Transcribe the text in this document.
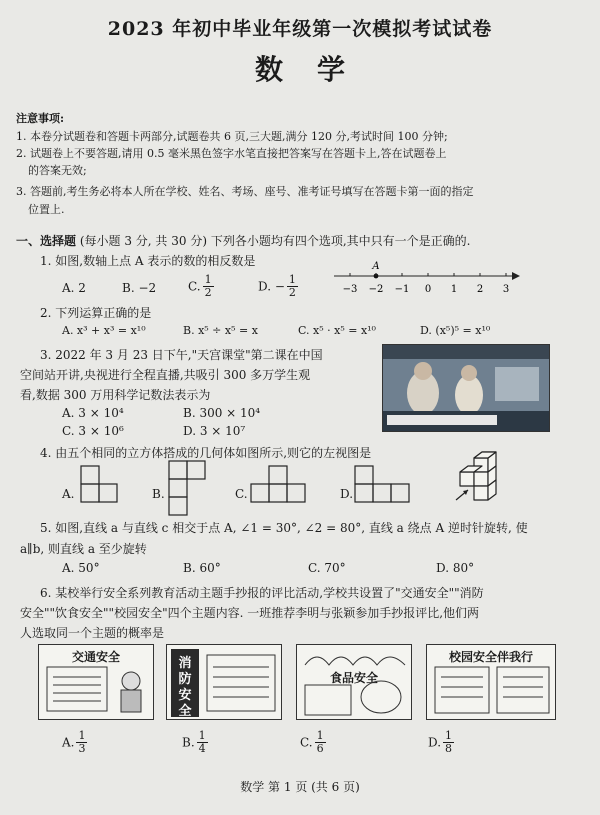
2023 年初中毕业年级第一次模拟考试试卷
数学
注意事项:
1. 本卷分试题卷和答题卡两部分,试题卷共 6 页,三大题,满分 120 分,考试时间 100 分钟;
2. 试题卷上不要答题,请用 0.5 毫米黑色签字水笔直接把答案写在答题卡上,答在试题卷上
的答案无效;
3. 答题前,考生务必将本人所在学校、姓名、考场、座号、准考证号填写在答题卡第一面的指定
位置上.
一、选择题 (每小题 3 分, 共 30 分) 下列各小题均有四个选项,其中只有一个是正确的.
1. 如图,数轴上点 A 表示的数的相反数是
A. 2	B. −2	C. $\frac{1}{2}$	D. − $\frac{1}{2}$	−3 −2 −1 0 1 2 3
A
2. 下列运算正确的是
A. x³ + x³ = x¹⁰	B. x⁵ ÷ x⁵ = x	C. x⁵ · x⁵ = x¹⁰	D. (x⁵)⁵ = x¹⁰
3. 2022 年 3 月 23 日下午,"天宫课堂"第二课在中国
空间站开讲,央视进行全程直播,共吸引 300 多万学生观
看,数据 300 万用科学记数法表示为
A. 3 × 10⁴	B. 300 × 10⁴
C. 3 × 10⁶	D. 3 × 10⁷
4. 由五个相同的立方体搭成的几何体如图所示,则它的左视图是
A.	B.	C.	D.
5. 如图,直线 a 与直线 c 相交于点 A, ∠1 = 30°, ∠2 = 80°, 直线 a 绕点 A 逆时针旋转, 使
a∥b, 则直线 a 至少旋转
A. 50°	B. 60°	C. 70°	D. 80°
6. 某校举行安全系列教育活动主题手抄报的评比活动,学校共设置了"交通安全""消防
安全""饮食安全""校园安全"四个主题内容. 一班推荐李明与张颖参加手抄报评比,他们两
人选取同一个主题的概率是
交通安全	消
防
安
全
食品安全
校园安全伴我行
A. $\frac{1}{3}$	B. $\frac{1}{4}$	C. $\frac{1}{6}$	D. $\frac{1}{8}$
数学 第 1 页 (共 6 页)
